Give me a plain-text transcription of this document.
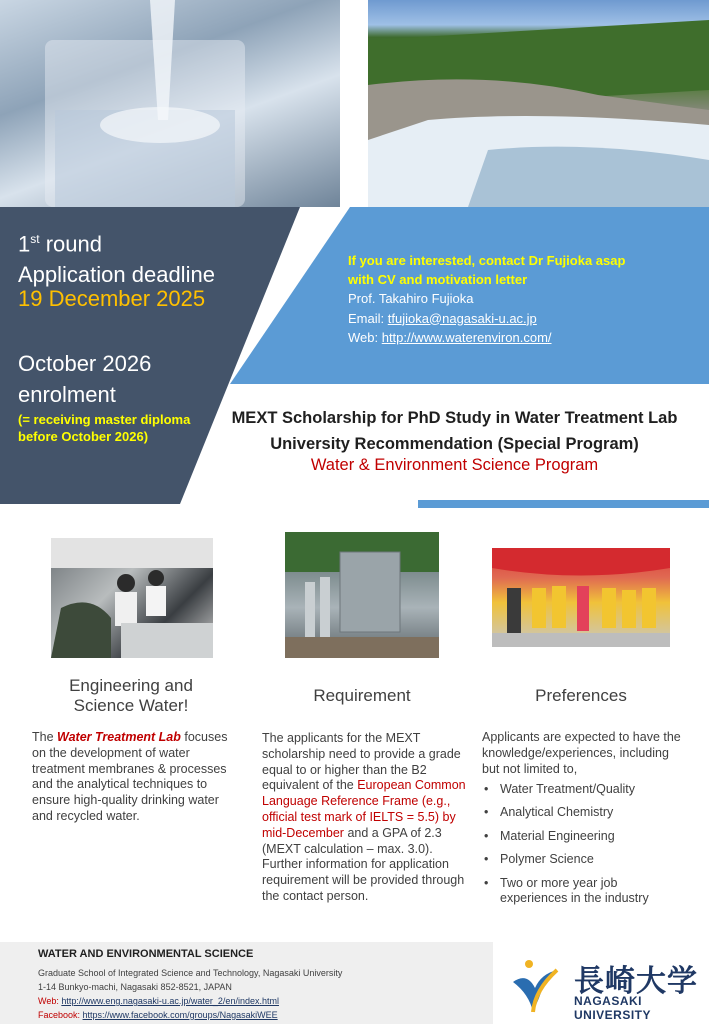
1st round
Application deadline
19 December 2025
October 2026
enrolment
(= receiving master diploma
before October 2026)
If you are interested, contact Dr Fujioka asap
with CV and motivation letter
Prof. Takahiro Fujioka
Email: tfujioka@nagasaki-u.ac.jp
Web: http://www.waterenviron.com/
MEXT Scholarship for PhD Study in Water Treatment Lab
University Recommendation (Special Program)
Water & Environment Science Program
Engineering and
Science Water!
Requirement	Preferences
The Water Treatment Lab focuses on the development of water treatment membranes & processes and the analytical techniques to ensure high-quality drinking water and recycled water.
The applicants for the MEXT scholarship need to provide a grade equal to or higher than the B2 equivalent of the European Common Language Reference Frame (e.g., official test mark of IELTS = 5.5) by mid-December and a GPA of 2.3 (MEXT calculation – max. 3.0). Further information for application requirement will be provided through the contact person.
Applicants are expected to have the knowledge/experiences, including but not limited to,
• Water Treatment/Quality
• Analytical Chemistry
• Material Engineering
• Polymer Science
• Two or more year job experiences in the industry
WATER AND ENVIRONMENTAL SCIENCE
Graduate School of Integrated Science and Technology, Nagasaki University
1-14 Bunkyo-machi, Nagasaki 852-8521, JAPAN
Web: http://www.eng.nagasaki-u.ac.jp/water_2/en/index.html
Facebook: https://www.facebook.com/groups/NagasakiWEE
長崎大学
NAGASAKI UNIVERSITY
